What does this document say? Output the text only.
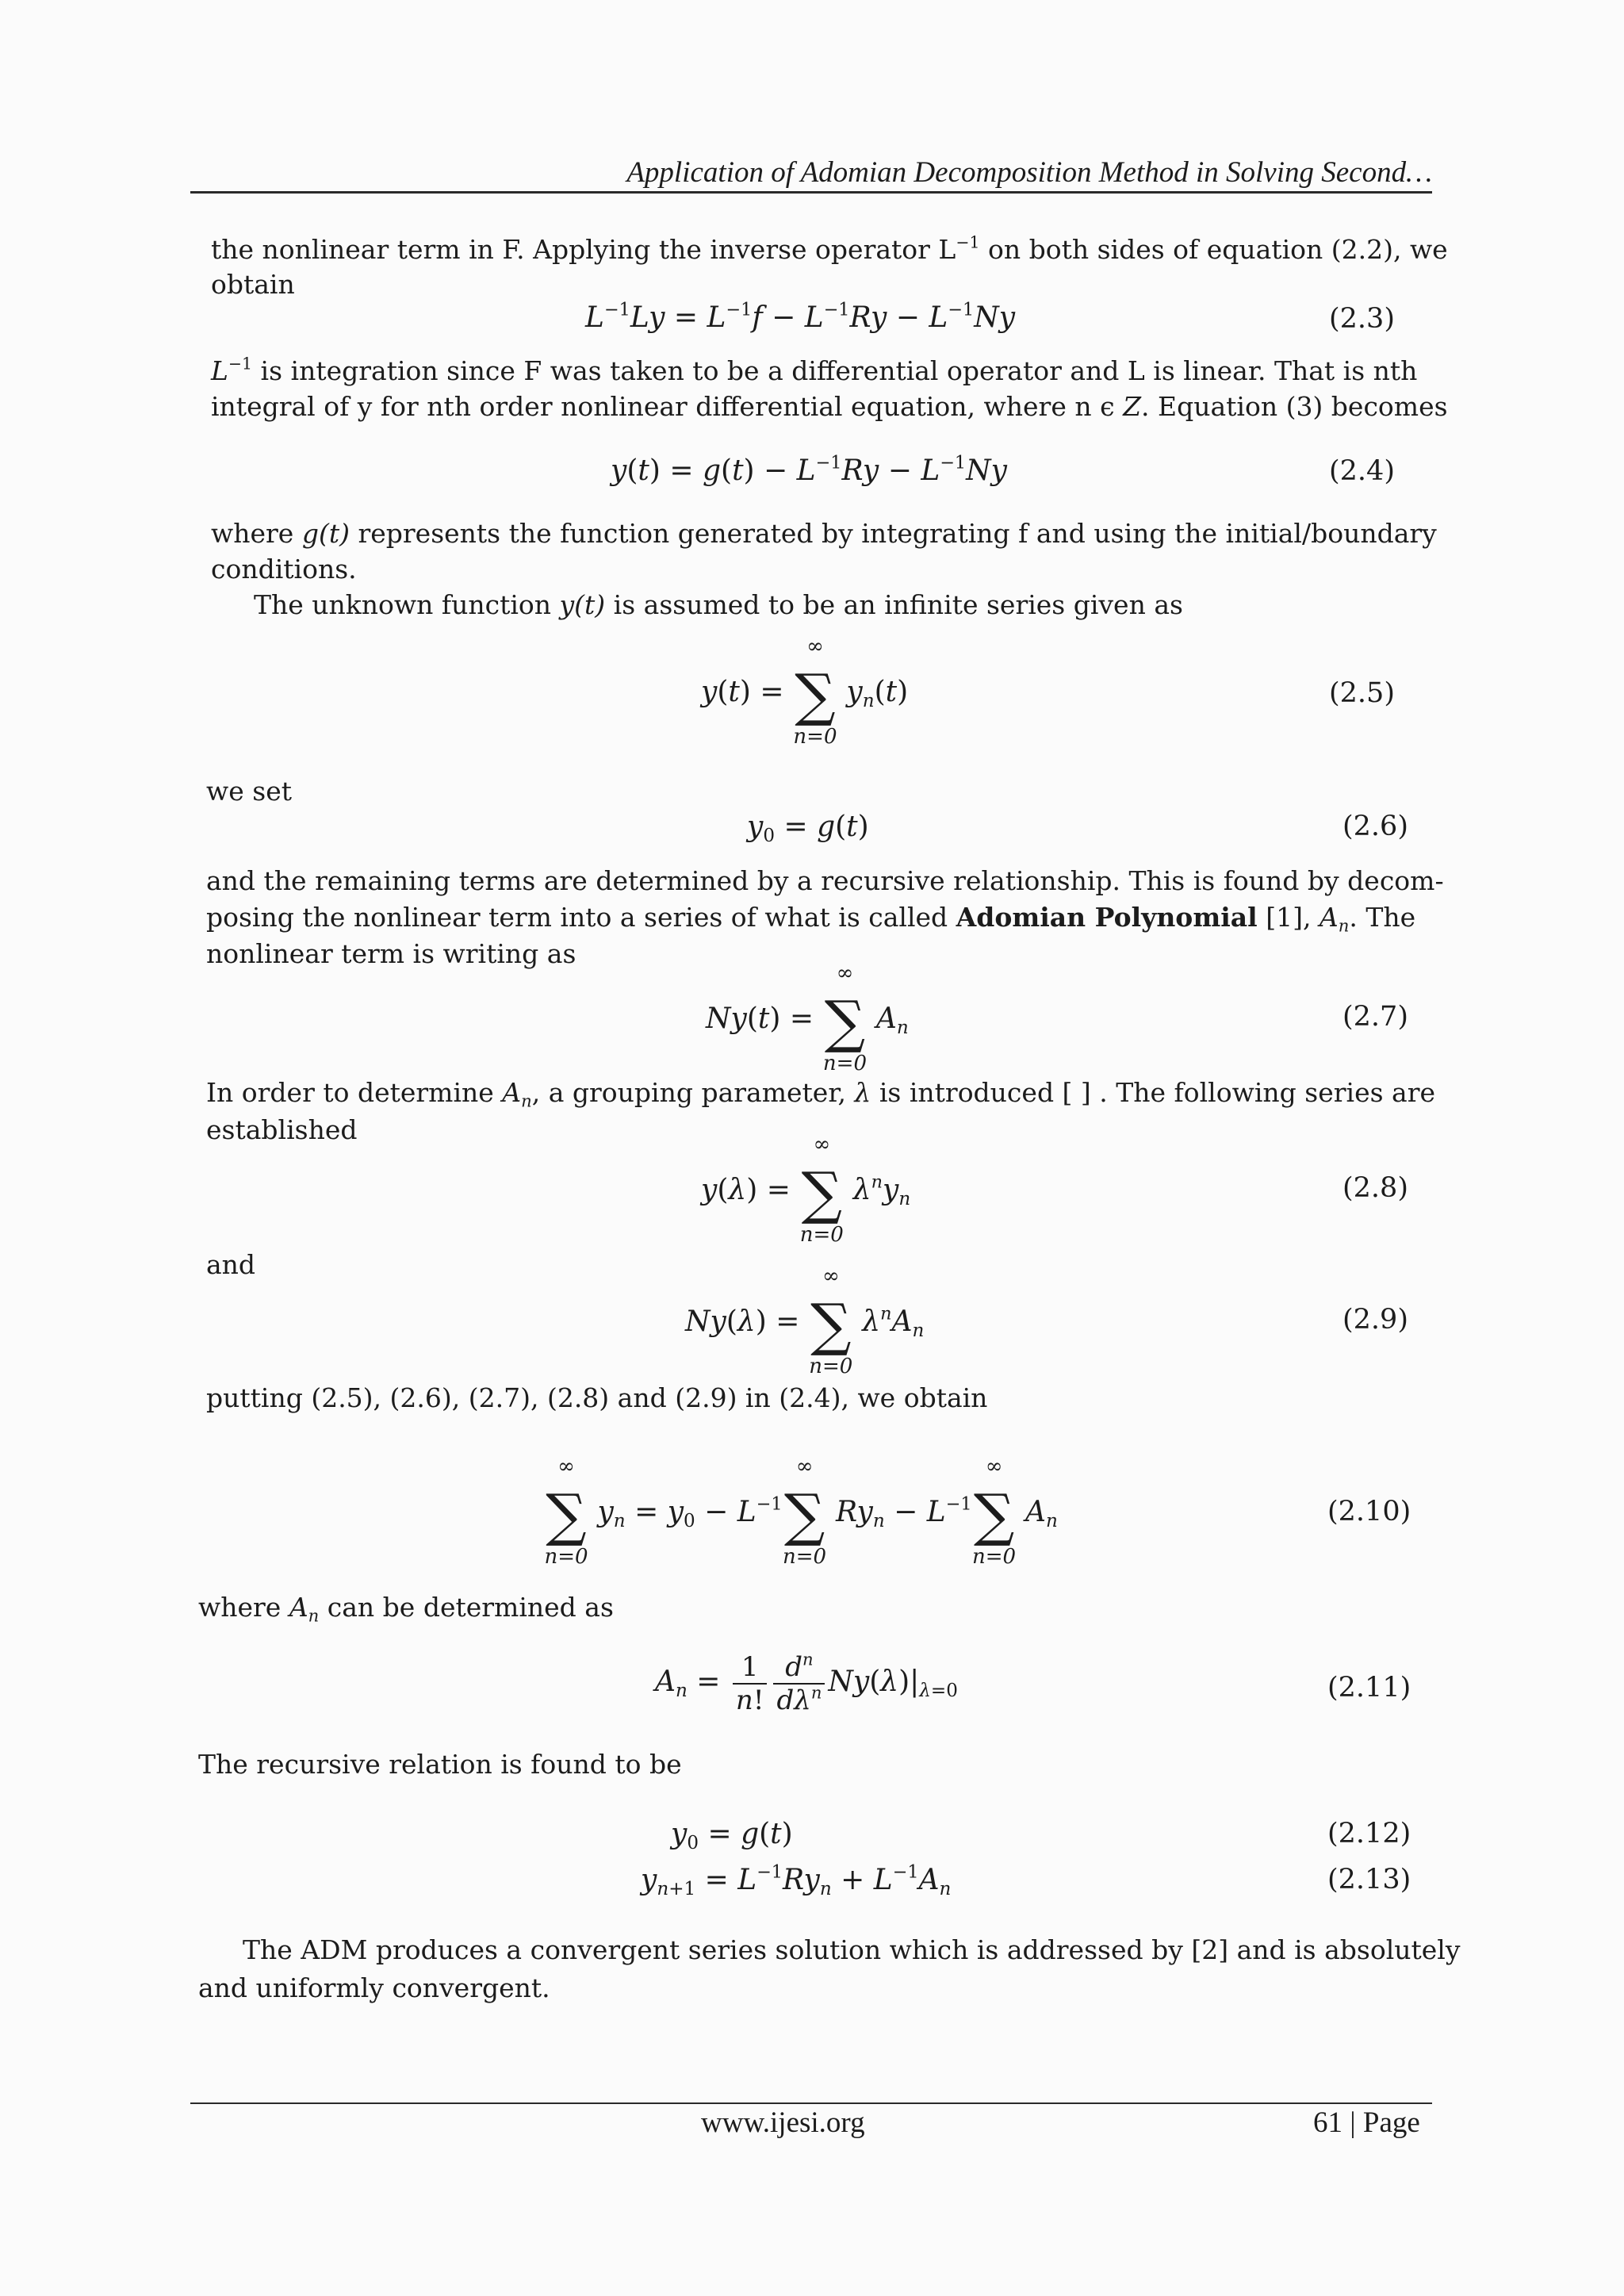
Application of Adomian Decomposition Method in Solving Second…
the nonlinear term in F. Applying the inverse operator $L^{-1}$ on both sides of equation (2.2), we
obtain
$L^{-1}Ly = L^{-1}f - L^{-1}Ry - L^{-1}Ny$	(2.3)
$L^{-1}$ is integration since F was taken to be a differential operator and L is linear. That is nth
integral of y for nth order nonlinear differential equation, where n ϵ Z. Equation (3) becomes
$y(t) = g(t) - L^{-1}Ry - L^{-1}Ny$	(2.4)
where g(t) represents the function generated by integrating f and using the initial/boundary
conditions.
The unknown function y(t) is assumed to be an infinite series given as
y(t) =
∞
∑
n=0
$y_n(t)$	(2.5)
we set
$y_0 = g(t)$	(2.6)
and the remaining terms are determined by a recursive relationship. This is found by decom-
posing the nonlinear term into a series of what is called Adomian Polynomial [1], $A_n$. The
nonlinear term is writing as
Ny(t) =
∞
∑
n=0
$A_n$	(2.7)
In order to determine $A_n$, a grouping parameter, λ is introduced [ ] . The following series are
established
y(λ) =
∞
∑
n=0
$\lambda^ny_n$	(2.8)
and
Ny(λ) =
∞
∑
n=0
$\lambda^nA_n$	(2.9)
putting (2.5), (2.6), (2.7), (2.8) and (2.9) in (2.4), we obtain
∞
∑
n=0
$y_n = y_0 - L^{-1}$
∞
∑
n=0
$Ry_n - L^{-1}$
∞
∑
n=0
$A_n$	(2.10)
where $A_n$ can be determined as
$A_n = \frac{1}{n!} \frac{d^n}{d\lambda^n} Ny(\lambda)|_{\lambda=0}$	(2.11)
The recursive relation is found to be
$y_0 = g(t)$	(2.12)
$y_{n+1} = L^{-1}Ry_n + L^{-1}A_n$	(2.13)
The ADM produces a convergent series solution which is addressed by [2] and is absolutely
and uniformly convergent.
www.ijesi.org	61 | Page
